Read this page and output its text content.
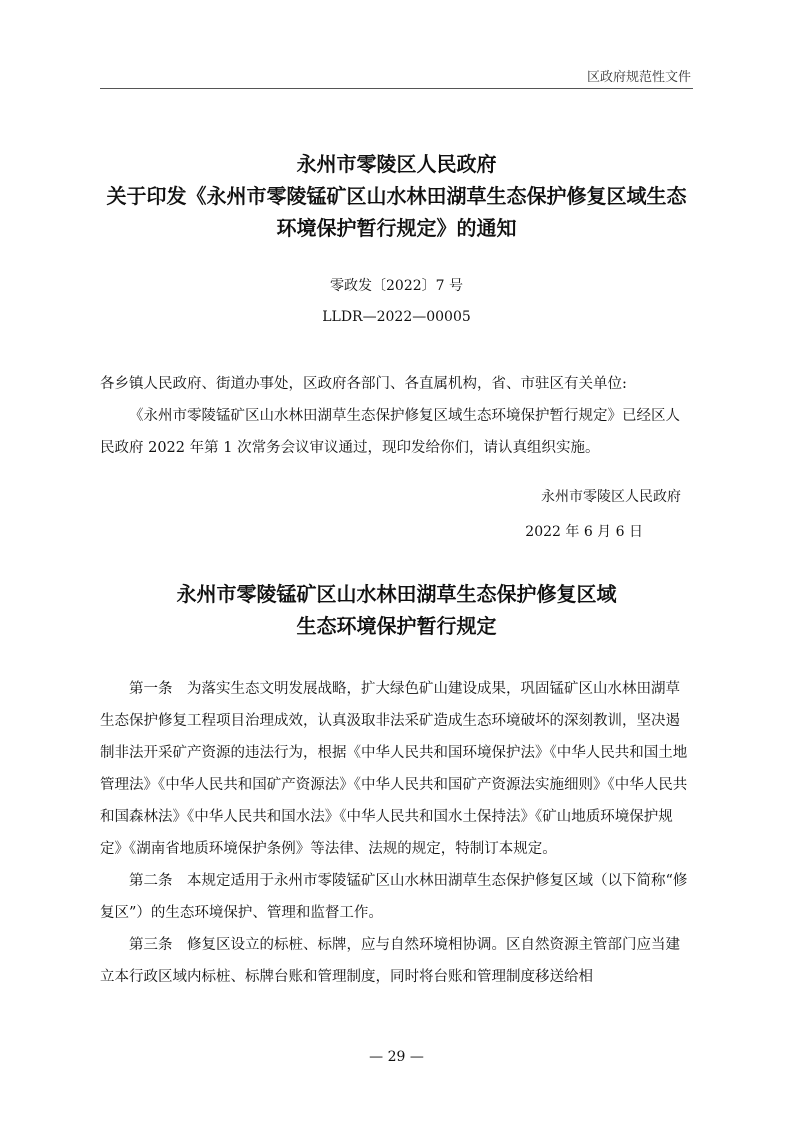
区政府规范性文件
永州市零陵区人民政府
关于印发《永州市零陵锰矿区山水林田湖草生态保护修复区域生态
环境保护暂行规定》的通知
零政发〔2022〕7 号
LLDR—2022—00005

各乡镇人民政府、街道办事处，区政府各部门、各直属机构，省、市驻区有关单位:

《永州市零陵锰矿区山水林田湖草生态保护修复区域生态环境保护暂行规定》已经区人民政府 2022 年第 1 次常务会议审议通过，现印发给你们，请认真组织实施。

永州市零陵区人民政府
2022 年 6 月 6 日
永州市零陵锰矿区山水林田湖草生态保护修复区域
生态环境保护暂行规定

第一条　为落实生态文明发展战略，扩大绿色矿山建设成果，巩固锰矿区山水林田湖草生态保护修复工程项目治理成效，认真汲取非法采矿造成生态环境破坏的深刻教训，坚决遏制非法开采矿产资源的违法行为，根据《中华人民共和国环境保护法》《中华人民共和国土地管理法》《中华人民共和国矿产资源法》《中华人民共和国矿产资源法实施细则》《中华人民共和国森林法》《中华人民共和国水法》《中华人民共和国水土保持法》《矿山地质环境保护规定》《湖南省地质环境保护条例》等法律、法规的规定，特制订本规定。

第二条　本规定适用于永州市零陵锰矿区山水林田湖草生态保护修复区域（以下简称“修复区”）的生态环境保护、管理和监督工作。

第三条　修复区设立的标桩、标牌，应与自然环境相协调。区自然资源主管部门应当建立本行政区域内标桩、标牌台账和管理制度，同时将台账和管理制度移送给相

— 29 —
